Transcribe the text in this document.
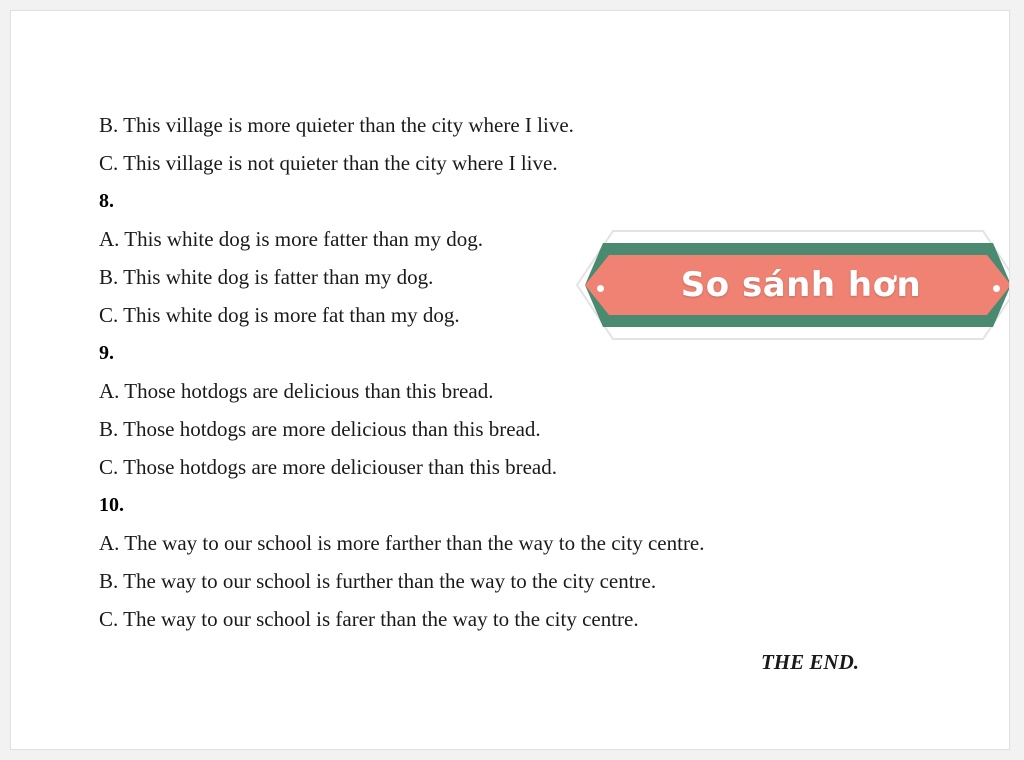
B. This village is more quieter than the city where I live.
C. This village is not quieter than the city where I live.
8.
A. This white dog is more fatter than my dog.
B. This white dog is fatter than my dog.
C. This white dog is more fat than my dog.
9.
A. Those hotdogs are delicious than this bread.
B. Those hotdogs are more delicious than this bread.
C. Those hotdogs are more deliciouser than this bread.
10.
A. The way to our school is more farther than the way to the city centre.
B. The way to our school is further than the way to the city centre.
C. The way to our school is farer than the way to the city centre.
THE END.
So sánh hơn
